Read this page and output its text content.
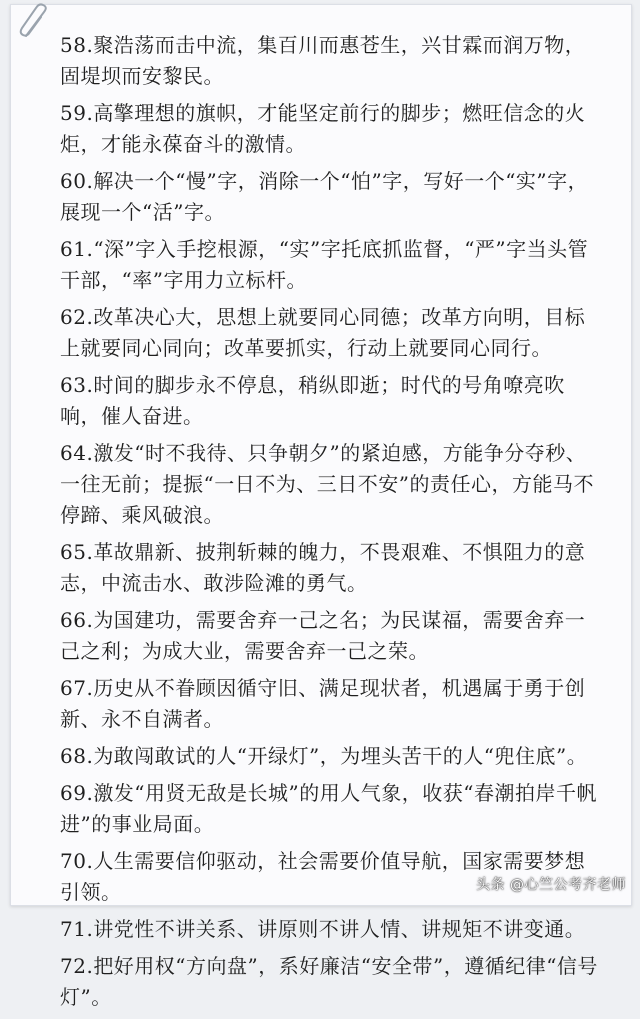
58.聚浩荡而击中流，集百川而惠苍生，兴甘霖而润万物，固堤坝而安黎民。

59.高擎理想的旗帜，才能坚定前行的脚步；燃旺信念的火炬，才能永葆奋斗的激情。

60.解决一个“慢”字，消除一个“怕”字，写好一个“实”字，展现一个“活”字。

61.“深”字入手挖根源，“实”字托底抓监督，“严”字当头管干部，“率”字用力立标杆。

62.改革决心大，思想上就要同心同德；改革方向明，目标上就要同心同向；改革要抓实，行动上就要同心同行。

63.时间的脚步永不停息，稍纵即逝；时代的号角嘹亮吹响，催人奋进。

64.激发“时不我待、只争朝夕”的紧迫感，方能争分夺秒、一往无前；提振“一日不为、三日不安”的责任心，方能马不停蹄、乘风破浪。

65.革故鼎新、披荆斩棘的魄力，不畏艰难、不惧阻力的意志，中流击水、敢涉险滩的勇气。

66.为国建功，需要舍弃一己之名；为民谋福，需要舍弃一己之利；为成大业，需要舍弃一己之荣。

67.历史从不眷顾因循守旧、满足现状者，机遇属于勇于创新、永不自满者。

68.为敢闯敢试的人“开绿灯”，为埋头苦干的人“兜住底”。

69.激发“用贤无敌是长城”的用人气象，收获“春潮拍岸千帆进”的事业局面。

70.人生需要信仰驱动，社会需要价值导航，国家需要梦想引领。

71.讲党性不讲关系、讲原则不讲人情、讲规矩不讲变通。

72.把好用权“方向盘”，系好廉洁“安全带”，遵循纪律“信号灯”。

头条 @心竺公考齐老师
